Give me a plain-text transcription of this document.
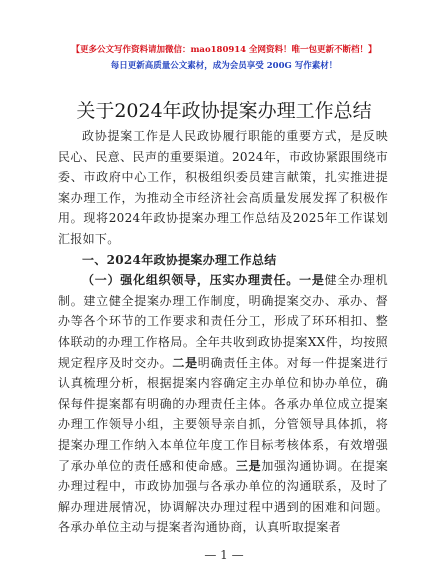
【更多公文写作资料请加微信：mao180914 全网资料！唯一包更新不断档！】
每日更新高质量公文素材，成为会员享受 200G 写作素材！
关于2024年政协提案办理工作总结

政协提案工作是人民政协履行职能的重要方式，是反映民心、民意、民声的重要渠道。2024年，市政协紧跟围绕市委、市政府中心工作，积极组织委员建言献策，扎实推进提案办理工作，为推动全市经济社会高质量发展发挥了积极作用。现将2024年政协提案办理工作总结及2025年工作谋划汇报如下。

一、2024年政协提案办理工作总结

（一）强化组织领导，压实办理责任。一是健全办理机制。建立健全提案办理工作制度，明确提案交办、承办、督办等各个环节的工作要求和责任分工，形成了环环相扣、整体联动的办理工作格局。全年共收到政协提案XX件，均按照规定程序及时交办。二是明确责任主体。对每一件提案进行认真梳理分析，根据提案内容确定主办单位和协办单位，确保每件提案都有明确的办理责任主体。各承办单位成立提案办理工作领导小组，主要领导亲自抓，分管领导具体抓，将提案办理工作纳入本单位年度工作目标考核体系，有效增强了承办单位的责任感和使命感。三是加强沟通协调。在提案办理过程中，市政协加强与各承办单位的沟通联系，及时了解办理进展情况，协调解决办理过程中遇到的困难和问题。各承办单位主动与提案者沟通协商，认真听取提案者

— 1 —
